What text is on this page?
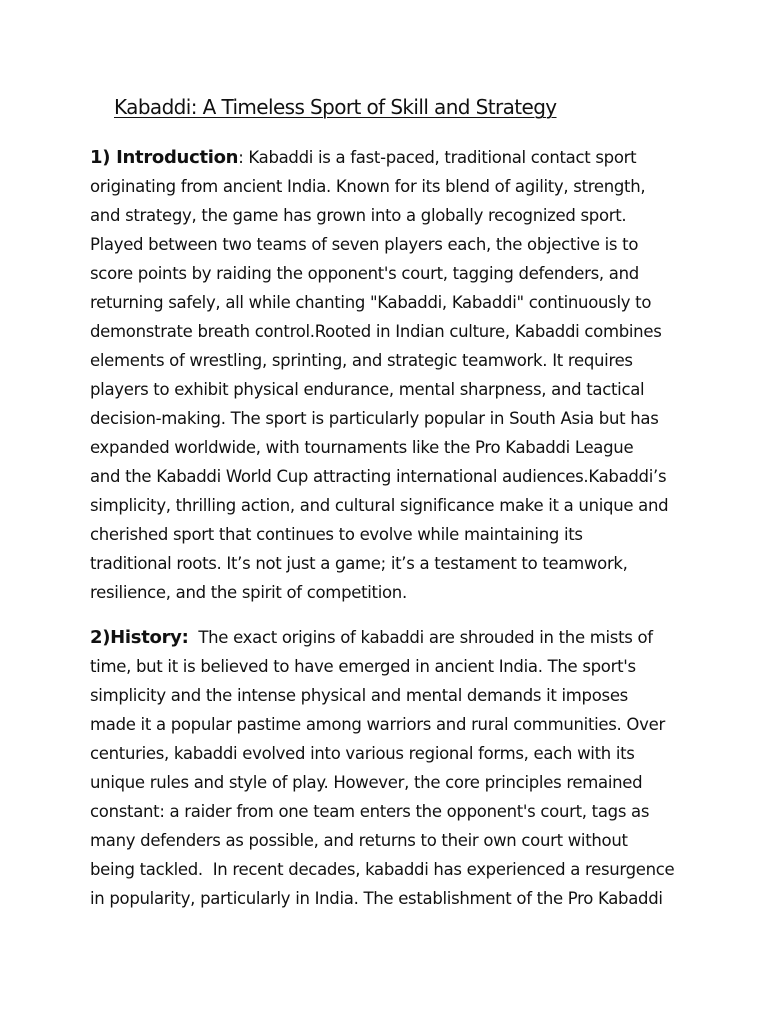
Kabaddi: A Timeless Sport of Skill and Strategy
1) Introduction: Kabaddi is a fast-paced, traditional contact sport
originating from ancient India. Known for its blend of agility, strength,
and strategy, the game has grown into a globally recognized sport.
Played between two teams of seven players each, the objective is to
score points by raiding the opponent's court, tagging defenders, and
returning safely, all while chanting "Kabaddi, Kabaddi" continuously to
demonstrate breath control.Rooted in Indian culture, Kabaddi combines
elements of wrestling, sprinting, and strategic teamwork. It requires
players to exhibit physical endurance, mental sharpness, and tactical
decision-making. The sport is particularly popular in South Asia but has
expanded worldwide, with tournaments like the Pro Kabaddi League
and the Kabaddi World Cup attracting international audiences.Kabaddi’s
simplicity, thrilling action, and cultural significance make it a unique and
cherished sport that continues to evolve while maintaining its
traditional roots. It’s not just a game; it’s a testament to teamwork,
resilience, and the spirit of competition.
2)History:  The exact origins of kabaddi are shrouded in the mists of
time, but it is believed to have emerged in ancient India. The sport's
simplicity and the intense physical and mental demands it imposes
made it a popular pastime among warriors and rural communities. Over
centuries, kabaddi evolved into various regional forms, each with its
unique rules and style of play. However, the core principles remained
constant: a raider from one team enters the opponent's court, tags as
many defenders as possible, and returns to their own court without
being tackled.  In recent decades, kabaddi has experienced a resurgence
in popularity, particularly in India. The establishment of the Pro Kabaddi
